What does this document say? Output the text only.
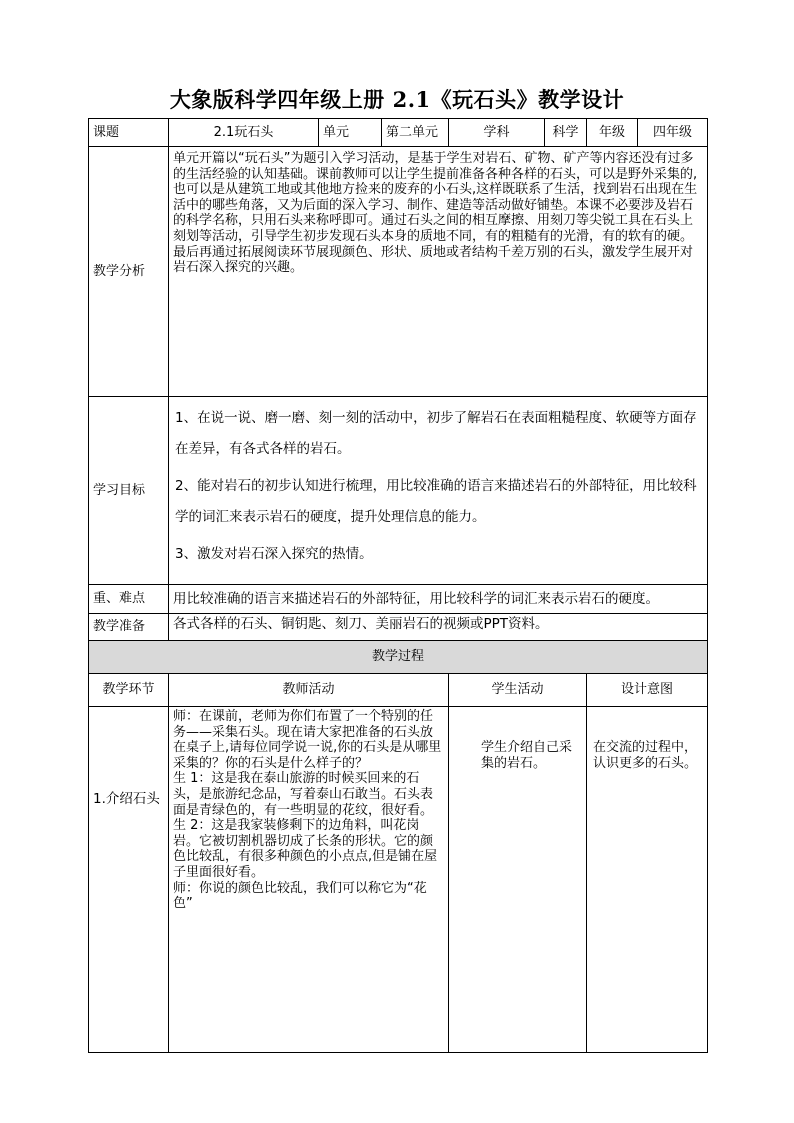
大象版科学四年级上册 2.1《玩石头》教学设计
课题	2.1玩石头	单元	第二单元	学科	科学	年级	四年级
教学分析	单元开篇以“玩石头”为题引入学习活动，是基于学生对岩石、矿物、矿产等内容还没有过多的生活经验的认知基础。课前教师可以让学生提前准备各种各样的石头，可以是野外采集的,也可以是从建筑工地或其他地方捡来的废弃的小石头,这样既联系了生活，找到岩石出现在生活中的哪些角落，又为后面的深入学习、制作、建造等活动做好铺垫。本课不必要涉及岩石的科学名称，只用石头来称呼即可。通过石头之间的相互摩擦、用刻刀等尖锐工具在石头上刻划等活动，引导学生初步发现石头本身的质地不同，有的粗糙有的光滑，有的软有的硬。最后再通过拓展阅读环节展现颜色、形状、质地或者结构千差万别的石头，激发学生展开对岩石深入探究的兴趣。						
学习目标	1、在说一说、磨一磨、刻一刻的活动中，初步了解岩石在表面粗糙程度、软硬等方面存在差异，有各式各样的岩石。

2、能对岩石的初步认知进行梳理，用比较准确的语言来描述岩石的外部特征，用比较科学的词汇来表示岩石的硬度，提升处理信息的能力。

3、激发对岩石深入探究的热情。						

重、难点	用比较准确的语言来描述岩石的外部特征，用比较科学的词汇来表示岩石的硬度。						
教学准备	各式各样的石头、铜钥匙、刻刀、美丽岩石的视频或PPT资料。						
教学过程							
教学环节	教师活动			学生活动		设计意图	
1.介绍石头	师：在课前，老师为你们布置了一个特别的任务——采集石头。现在请大家把准备的石头放在桌子上,请每位同学说一说,你的石头是从哪里采集的？你的石头是什么样子的？
生 1：这是我在泰山旅游的时候买回来的石头，是旅游纪念品，写着泰山石敢当。石头表面是青绿色的，有一些明显的花纹，很好看。
生 2：这是我家装修剩下的边角料，叫花岗岩。它被切割机器切成了长条的形状。它的颜色比较乱，有很多种颜色的小点点,但是铺在屋子里面很好看。
师：你说的颜色比较乱，我们可以称它为“花色”			学生介绍自己采集的岩石。		在交流的过程中，认识更多的石头。	
